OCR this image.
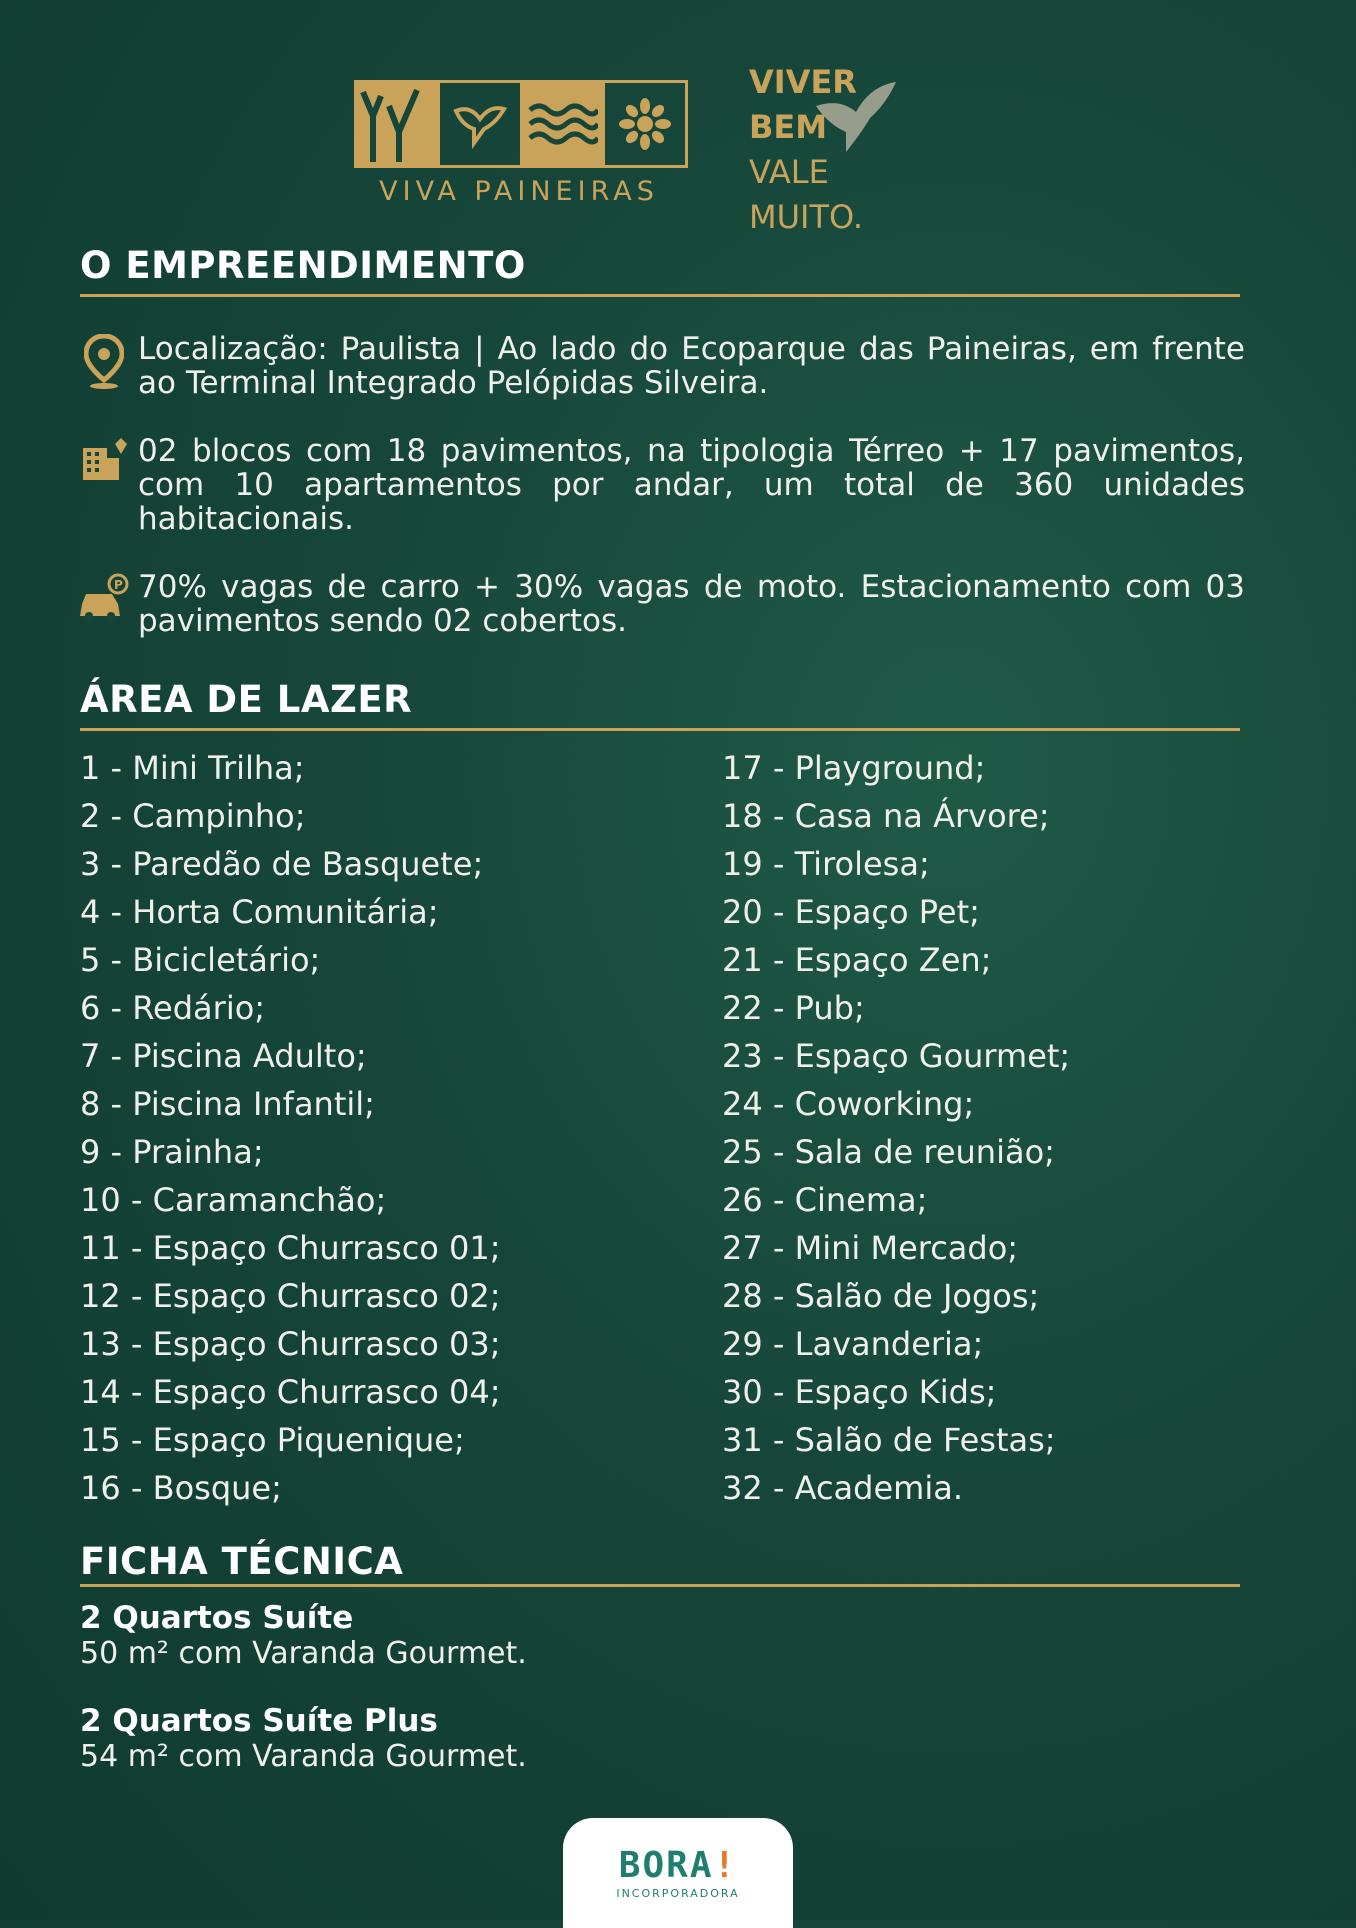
VIVA PAINEIRAS
VIVER
BEM
VALE
MUITO.
O EMPREENDIMENTO
Localização: Paulista | Ao lado do Ecoparque das Paineiras, em frente ao Terminal Integrado Pelópidas Silveira.
02 blocos com 18 pavimentos, na tipologia Térreo + 17 pavimentos, com 10 apartamentos por andar, um total de 360 unidades habitacionais.
P 70% vagas de carro + 30% vagas de moto. Estacionamento com 03 pavimentos sendo 02 cobertos.
ÁREA DE LAZER
1 - Mini Trilha;
2 - Campinho;
3 - Paredão de Basquete;
4 - Horta Comunitária;
5 - Bicicletário;
6 - Redário;
7 - Piscina Adulto;
8 - Piscina Infantil;
9 - Prainha;
10 - Caramanchão;
11 - Espaço Churrasco 01;
12 - Espaço Churrasco 02;
13 - Espaço Churrasco 03;
14 - Espaço Churrasco 04;
15 - Espaço Piquenique;
16 - Bosque;
17 - Playground;
18 - Casa na Árvore;
19 - Tirolesa;
20 - Espaço Pet;
21 - Espaço Zen;
22 - Pub;
23 - Espaço Gourmet;
24 - Coworking;
25 - Sala de reunião;
26 - Cinema;
27 - Mini Mercado;
28 - Salão de Jogos;
29 - Lavanderia;
30 - Espaço Kids;
31 - Salão de Festas;
32 - Academia.
FICHA TÉCNICA
2 Quartos Suíte
50 m² com Varanda Gourmet.
2 Quartos Suíte Plus
54 m² com Varanda Gourmet.
BORA!
INCORPORADORA
